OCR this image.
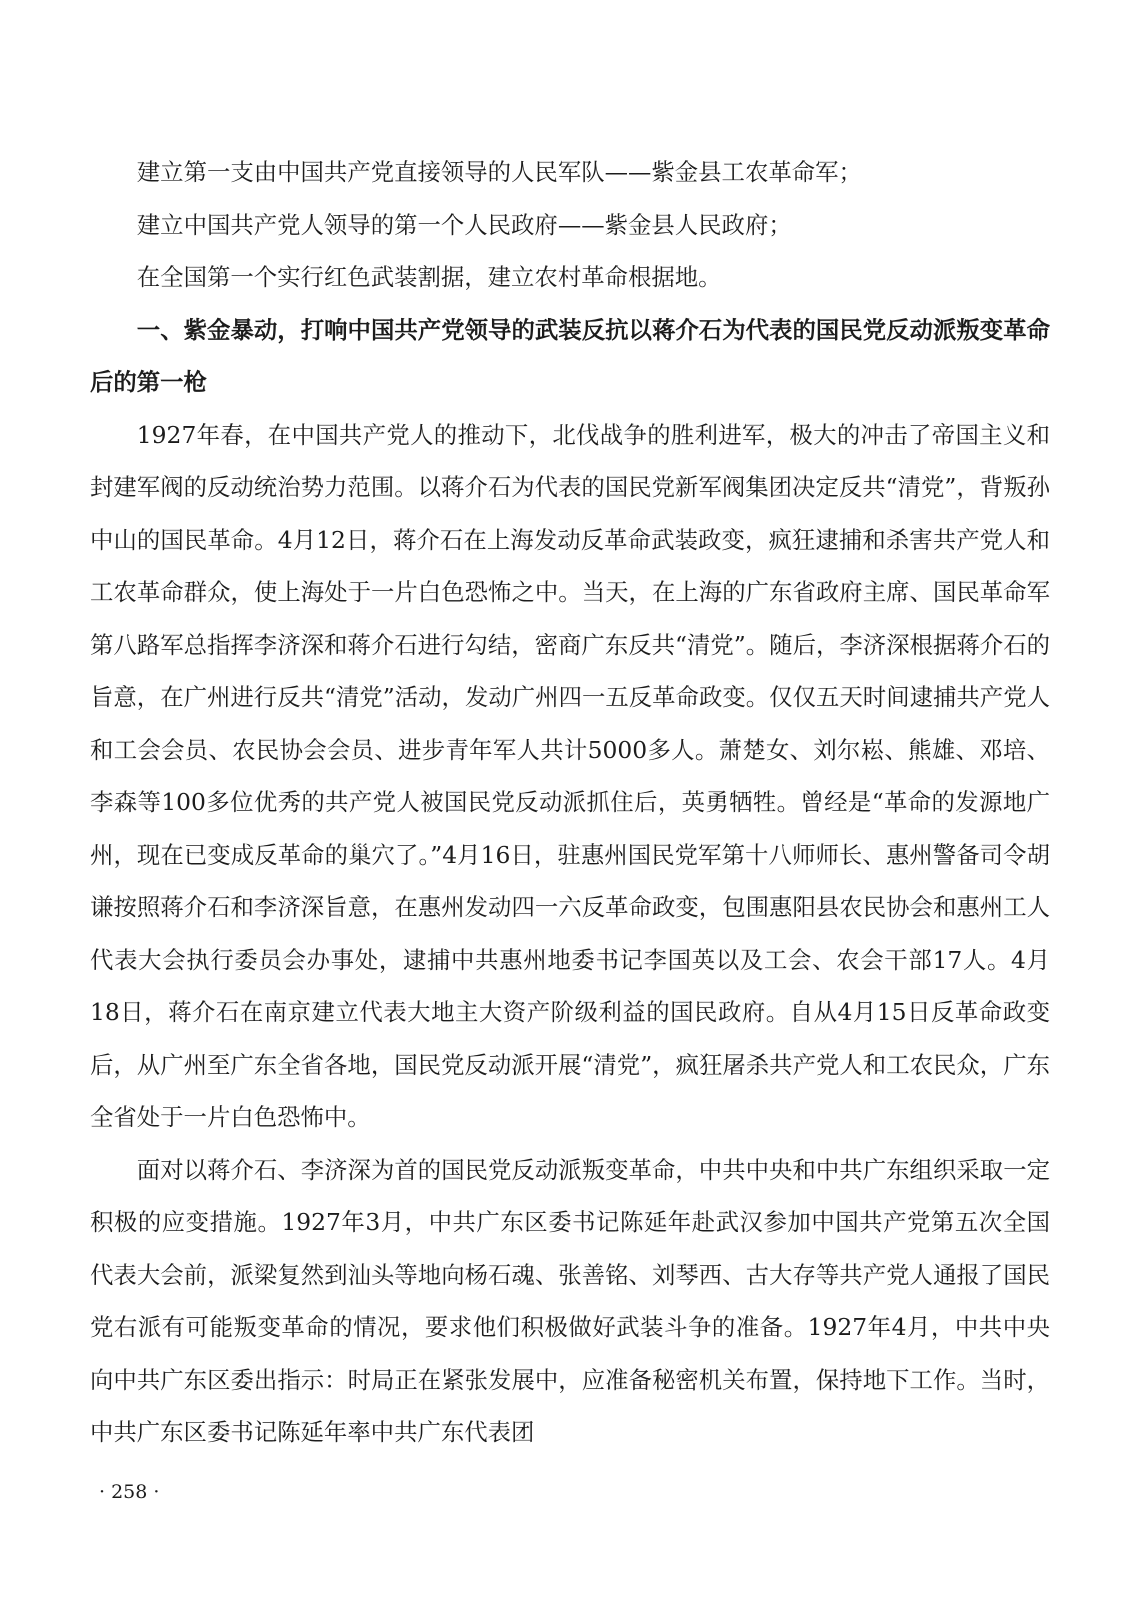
建立第一支由中国共产党直接领导的人民军队——紫金县工农革命军；

建立中国共产党人领导的第一个人民政府——紫金县人民政府；

在全国第一个实行红色武装割据，建立农村革命根据地。

一、紫金暴动，打响中国共产党领导的武装反抗以蒋介石为代表的国民党反动派叛变革命后的第一枪

1927年春，在中国共产党人的推动下，北伐战争的胜利进军，极大的冲击了帝国主义和封建军阀的反动统治势力范围。以蒋介石为代表的国民党新军阀集团决定反共“清党”，背叛孙中山的国民革命。4月12日，蒋介石在上海发动反革命武装政变，疯狂逮捕和杀害共产党人和工农革命群众，使上海处于一片白色恐怖之中。当天，在上海的广东省政府主席、国民革命军第八路军总指挥李济深和蒋介石进行勾结，密商广东反共“清党”。随后，李济深根据蒋介石的旨意，在广州进行反共“清党”活动，发动广州四一五反革命政变。仅仅五天时间逮捕共产党人和工会会员、农民协会会员、进步青年军人共计5000多人。萧楚女、刘尔崧、熊雄、邓培、李森等100多位优秀的共产党人被国民党反动派抓住后，英勇牺牲。曾经是“革命的发源地广州，现在已变成反革命的巢穴了。”4月16日，驻惠州国民党军第十八师师长、惠州警备司令胡谦按照蒋介石和李济深旨意，在惠州发动四一六反革命政变，包围惠阳县农民协会和惠州工人代表大会执行委员会办事处，逮捕中共惠州地委书记李国英以及工会、农会干部17人。4月18日，蒋介石在南京建立代表大地主大资产阶级利益的国民政府。自从4月15日反革命政变后，从广州至广东全省各地，国民党反动派开展“清党”，疯狂屠杀共产党人和工农民众，广东全省处于一片白色恐怖中。

面对以蒋介石、李济深为首的国民党反动派叛变革命，中共中央和中共广东组织采取一定积极的应变措施。1927年3月，中共广东区委书记陈延年赴武汉参加中国共产党第五次全国代表大会前，派梁复然到汕头等地向杨石魂、张善铭、刘琴西、古大存等共产党人通报了国民党右派有可能叛变革命的情况，要求他们积极做好武装斗争的准备。1927年4月，中共中央向中共广东区委出指示：时局正在紧张发展中，应准备秘密机关布置，保持地下工作。当时，中共广东区委书记陈延年率中共广东代表团

· 258 ·
